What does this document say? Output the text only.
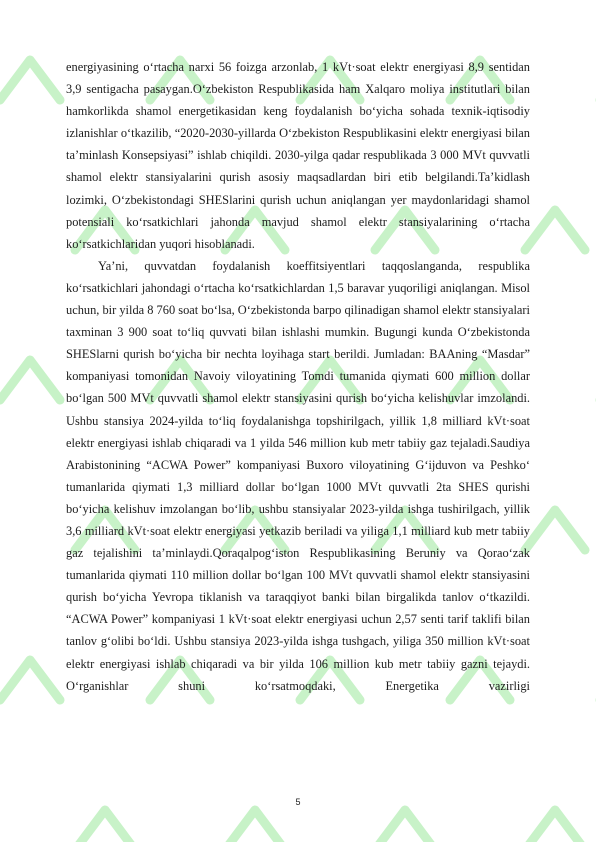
energiyasining o‘rtacha narxi 56 foizga arzonlab, 1 kVt·soat elektr energiyasi 8,9 sentidan 3,9 sentigacha pasaygan.O‘zbekiston Respublikasida ham Xalqaro moliya institutlari bilan hamkorlikda shamol energetikasidan keng foydalanish bo‘yicha sohada texnik-iqtisodiy izlanishlar o‘tkazilib, “2020-2030-yillarda O‘zbekiston Respublikasini elektr energiyasi bilan ta’minlash Konsepsiyasi” ishlab chiqildi. 2030-yilga qadar respublikada 3 000 MVt quvvatli shamol elektr stansiyalarini qurish asosiy maqsadlardan biri etib belgilandi.Ta’kidlash lozimki, O‘zbekistondagi SHESlarini qurish uchun aniqlangan yer maydonlaridagi shamol potensiali ko‘rsatkichlari jahonda mavjud shamol elektr stansiyalarining o‘rtacha ko‘rsatkichlaridan yuqori hisoblanadi.

Ya’ni, quvvatdan foydalanish koeffitsiyentlari taqqoslanganda, respublika ko‘rsatkichlari jahondagi o‘rtacha ko‘rsatkichlardan 1,5 baravar yuqoriligi aniqlangan. Misol uchun, bir yilda 8 760 soat bo‘lsa, O‘zbekistonda barpo qilinadigan shamol elektr stansiyalari taxminan 3 900 soat to‘liq quvvati bilan ishlashi mumkin. Bugungi kunda O‘zbekistonda SHESlarni qurish bo‘yicha bir nechta loyihaga start berildi. Jumladan: BAAning “Masdar” kompaniyasi tomonidan Navoiy viloyatining Tomdi tumanida qiymati 600 million dollar bo‘lgan 500 MVt quvvatli shamol elektr stansiyasini qurish bo‘yicha kelishuvlar imzolandi. Ushbu stansiya 2024-yilda to‘liq foydalanishga topshirilgach, yillik 1,8 milliard kVt·soat elektr energiyasi ishlab chiqaradi va 1 yilda 546 million kub metr tabiiy gaz tejaladi.Saudiya Arabistonining “ACWA Power” kompaniyasi Buxoro viloyatining G‘ijduvon va Peshko‘ tumanlarida qiymati 1,3 milliard dollar bo‘lgan 1000 MVt quvvatli 2ta SHES qurishi bo‘yicha kelishuv imzolangan bo‘lib, ushbu stansiyalar 2023-yilda ishga tushirilgach, yillik 3,6 milliard kVt·soat elektr energiyasi yetkazib beriladi va yiliga 1,1 milliard kub metr tabiiy gaz tejalishini ta’minlaydi.Qoraqalpog‘iston Respublikasining Beruniy va Qorao‘zak tumanlarida qiymati 110 million dollar bo‘lgan 100 MVt quvvatli shamol elektr stansiyasini qurish bo‘yicha Yevropa tiklanish va taraqqiyot banki bilan birgalikda tanlov o‘tkazildi. “ACWA Power” kompaniyasi 1 kVt·soat elektr energiyasi uchun 2,57 senti tarif taklifi bilan tanlov g‘olibi bo‘ldi. Ushbu stansiya 2023-yilda ishga tushgach, yiliga 350 million kVt·soat elektr energiyasi ishlab chiqaradi va bir yilda 106 million kub metr tabiiy gazni tejaydi. O‘rganishlar shuni ko‘rsatmoqdaki, Energetika vazirligi

5
